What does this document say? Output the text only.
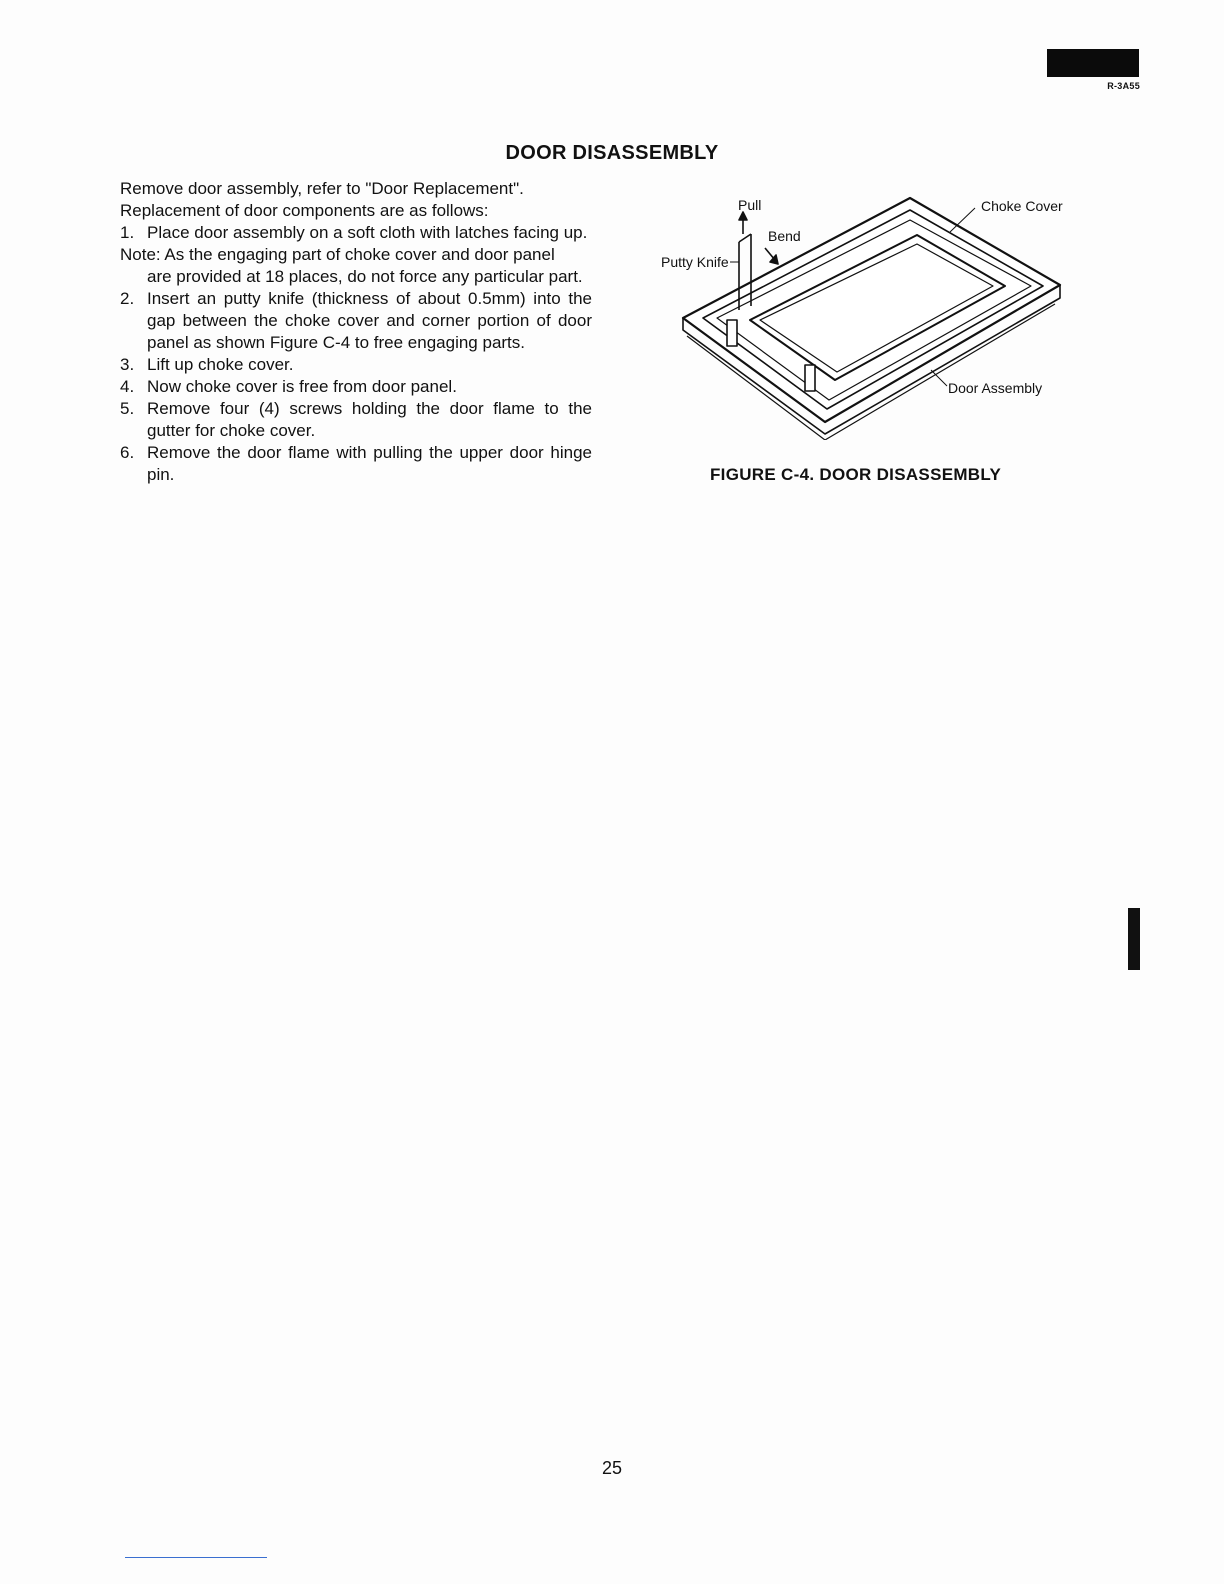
R-3A55
DOOR DISASSEMBLY

Remove door assembly, refer to "Door Replacement".

Replacement of door components are as follows:

1. Place door assembly on a soft cloth with latches facing up.
Note: As the engaging part of choke cover and door panel
are provided at 18 places, do not force any particular part.
2. Insert an putty knife (thickness of about 0.5mm) into the gap between the choke cover and corner portion of door panel as shown Figure C-4 to free engaging parts.
3. Lift up choke cover.
4. Now choke cover is free from door panel.
5. Remove four (4) screws holding the door flame to the gutter for choke cover.
6. Remove the door flame with pulling the upper door hinge pin.
Pull
Bend
Putty Knife
Choke Cover
Door Assembly
FIGURE C-4. DOOR DISASSEMBLY
25
